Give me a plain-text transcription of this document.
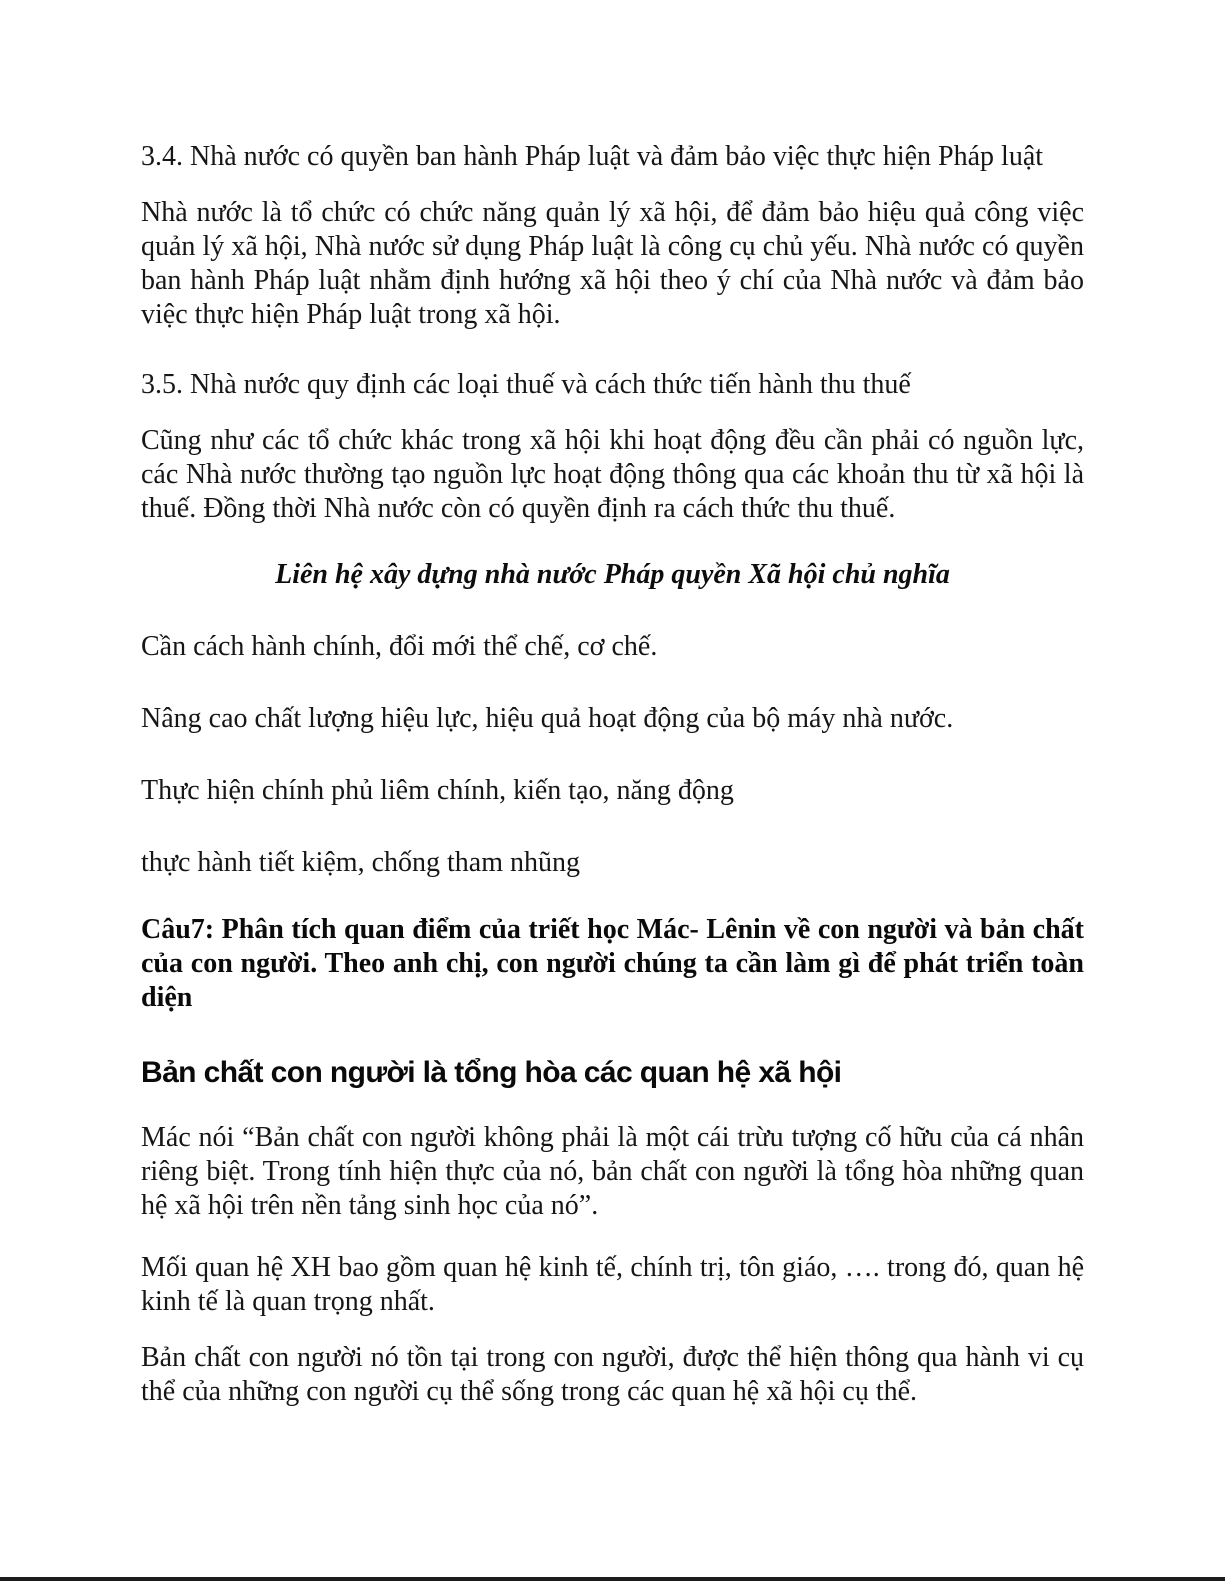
3.4. Nhà nước có quyền ban hành Pháp luật và đảm bảo việc thực hiện Pháp luật

Nhà nước là tổ chức có chức năng quản lý xã hội, để đảm bảo hiệu quả công việc quản lý xã hội, Nhà nước sử dụng Pháp luật là công cụ chủ yếu. Nhà nước có quyền ban hành Pháp luật nhằm định hướng xã hội theo ý chí của Nhà nước và đảm bảo việc thực hiện Pháp luật trong xã hội.

3.5. Nhà nước quy định các loại thuế và cách thức tiến hành thu thuế

Cũng như các tổ chức khác trong xã hội khi hoạt động đều cần phải có nguồn lực, các Nhà nước thường tạo nguồn lực hoạt động thông qua các khoản thu từ xã hội là thuế. Đồng thời Nhà nước còn có quyền định ra cách thức thu thuế.

Liên hệ xây dựng nhà nước Pháp quyền Xã hội chủ nghĩa

Cần cách hành chính, đổi mới thể chế, cơ chế.

Nâng cao chất lượng hiệu lực, hiệu quả hoạt động của bộ máy nhà nước.

Thực hiện chính phủ liêm chính, kiến tạo, năng động

thực hành tiết kiệm, chống tham nhũng

Câu7: Phân tích quan điểm của triết học Mác- Lênin về con người và bản chất của con người. Theo anh chị, con người chúng ta cần làm gì để phát triển toàn diện

Bản chất con người là tổng hòa các quan hệ xã hội

Mác nói “Bản chất con người không phải là một cái trừu tượng cố hữu của cá nhân riêng biệt. Trong tính hiện thực của nó, bản chất con người là tổng hòa những quan hệ xã hội trên nền tảng sinh học của nó”.

Mối quan hệ XH bao gồm quan hệ kinh tế, chính trị, tôn giáo, …. trong đó, quan hệ kinh tế là quan trọng nhất.

Bản chất con người nó tồn tại trong con người, được thể hiện thông qua hành vi cụ thể của những con người cụ thể sống trong các quan hệ xã hội cụ thể.
